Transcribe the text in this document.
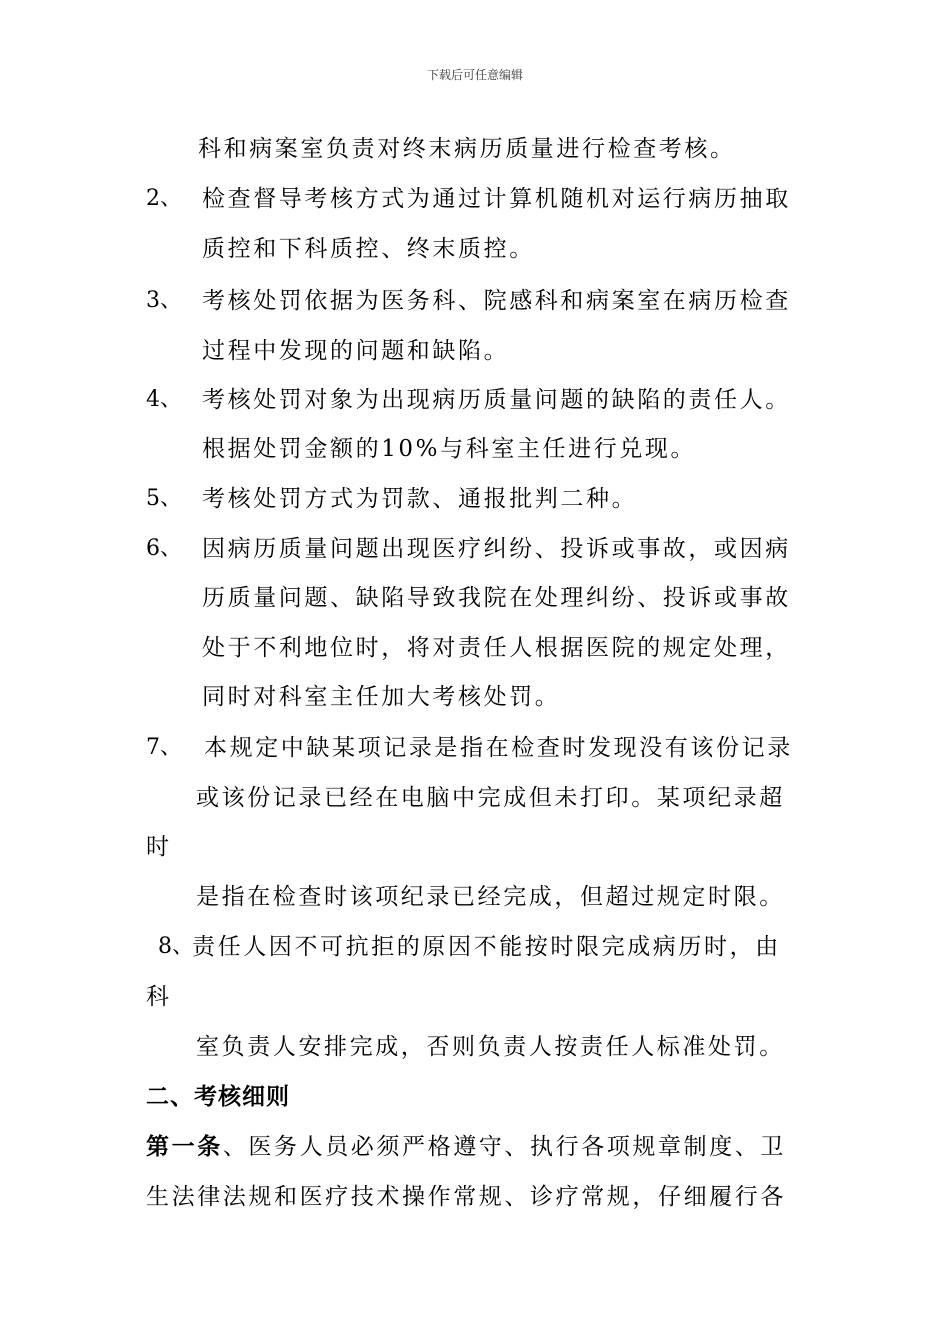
下载后可任意编辑
科和病案室负责对终末病历质量进行检查考核。
2、 检查督导考核方式为通过计算机随机对运行病历抽取
质控和下科质控、终末质控。
3、 考核处罚依据为医务科、院感科和病案室在病历检查
过程中发现的问题和缺陷。
4、 考核处罚对象为出现病历质量问题的缺陷的责任人。
根据处罚金额的10%与科室主任进行兑现。
5、 考核处罚方式为罚款、通报批判二种。
6、 因病历质量问题出现医疗纠纷、投诉或事故，或因病
历质量问题、缺陷导致我院在处理纠纷、投诉或事故
处于不利地位时，将对责任人根据医院的规定处理，
同时对科室主任加大考核处罚。
7、 本规定中缺某项记录是指在检查时发现没有该份记录
或该份记录已经在电脑中完成但未打印。某项纪录超
时
是指在检查时该项纪录已经完成，但超过规定时限。
8、
责任人因不可抗拒的原因不能按时限完成病历时，由
科
室负责人安排完成，否则负责人按责任人标准处罚。
二、考核细则
第一条、医务人员必须严格遵守、执行各项规章制度、卫
生法律法规和医疗技术操作常规、诊疗常规，仔细履行各
